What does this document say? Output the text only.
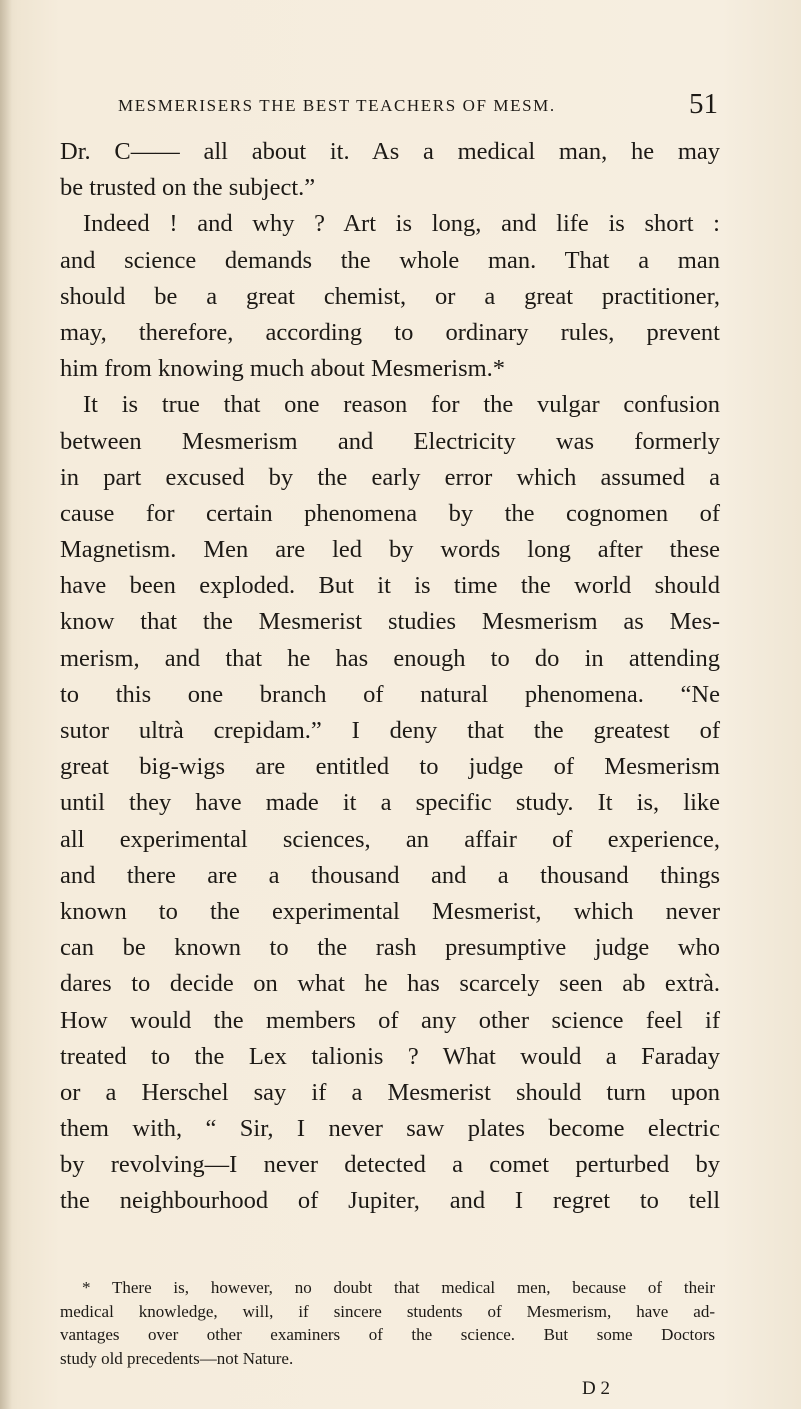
MESMERISERS THE BEST TEACHERS OF MESM.	51
Dr. C—— all about it. As a medical man, he may
be trusted on the subject.”
Indeed ! and why ? Art is long, and life is short :
and science demands the whole man. That a man
should be a great chemist, or a great practitioner,
may, therefore, according to ordinary rules, prevent
him from knowing much about Mesmerism.*
It is true that one reason for the vulgar confusion
between Mesmerism and Electricity was formerly
in part excused by the early error which assumed a
cause for certain phenomena by the cognomen of
Magnetism. Men are led by words long after these
have been exploded. But it is time the world should
know that the Mesmerist studies Mesmerism as Mes-
merism, and that he has enough to do in attending
to this one branch of natural phenomena. “Ne
sutor ultrà crepidam.” I deny that the greatest of
great big-wigs are entitled to judge of Mesmerism
until they have made it a specific study. It is, like
all experimental sciences, an affair of experience,
and there are a thousand and a thousand things
known to the experimental Mesmerist, which never
can be known to the rash presumptive judge who
dares to decide on what he has scarcely seen ab extrà.
How would the members of any other science feel if
treated to the Lex talionis ? What would a Faraday
or a Herschel say if a Mesmerist should turn upon
them with, “ Sir, I never saw plates become electric
by revolving—I never detected a comet perturbed by
the neighbourhood of Jupiter, and I regret to tell
* There is, however, no doubt that medical men, because of their
medical knowledge, will, if sincere students of Mesmerism, have ad-
vantages over other examiners of the science. But some Doctors
study old precedents—not Nature.
D 2
